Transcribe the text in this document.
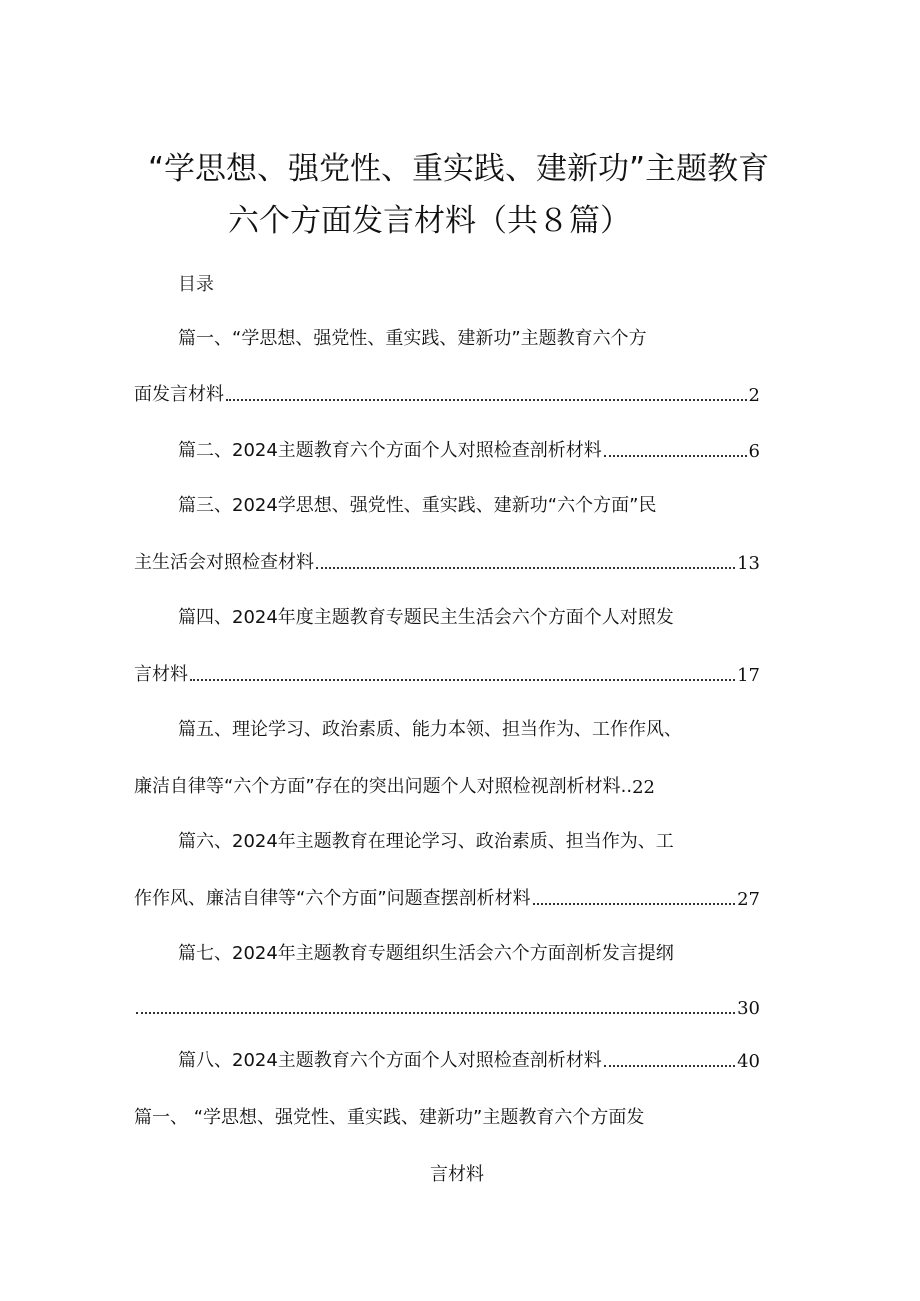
“学思想、强党性、重实践、建新功”主题教育
六个方面发言材料（共８篇）
目录
篇一、“学思想、强党性、重实践、建新功”主题教育六个方
面发言材料	2
篇二、2024主题教育六个方面个人对照检查剖析材料	6
篇三、2024学思想、强党性、重实践、建新功“六个方面”民
主生活会对照检查材料	13
篇四、2024年度主题教育专题民主生活会六个方面个人对照发
言材料	17
篇五、理论学习、政治素质、能力本领、担当作为、工作作风、
廉洁自律等“六个方面”存在的突出问题个人对照检视剖析材料.. 22
篇六、2024年主题教育在理论学习、政治素质、担当作为、工
作作风、廉洁自律等“六个方面”问题查摆剖析材料	27
篇七、2024年主题教育专题组织生活会六个方面剖析发言提纲
30
篇八、2024主题教育六个方面个人对照检查剖析材料	40
篇一、 “学思想、强党性、重实践、建新功”主题教育六个方面发
言材料
